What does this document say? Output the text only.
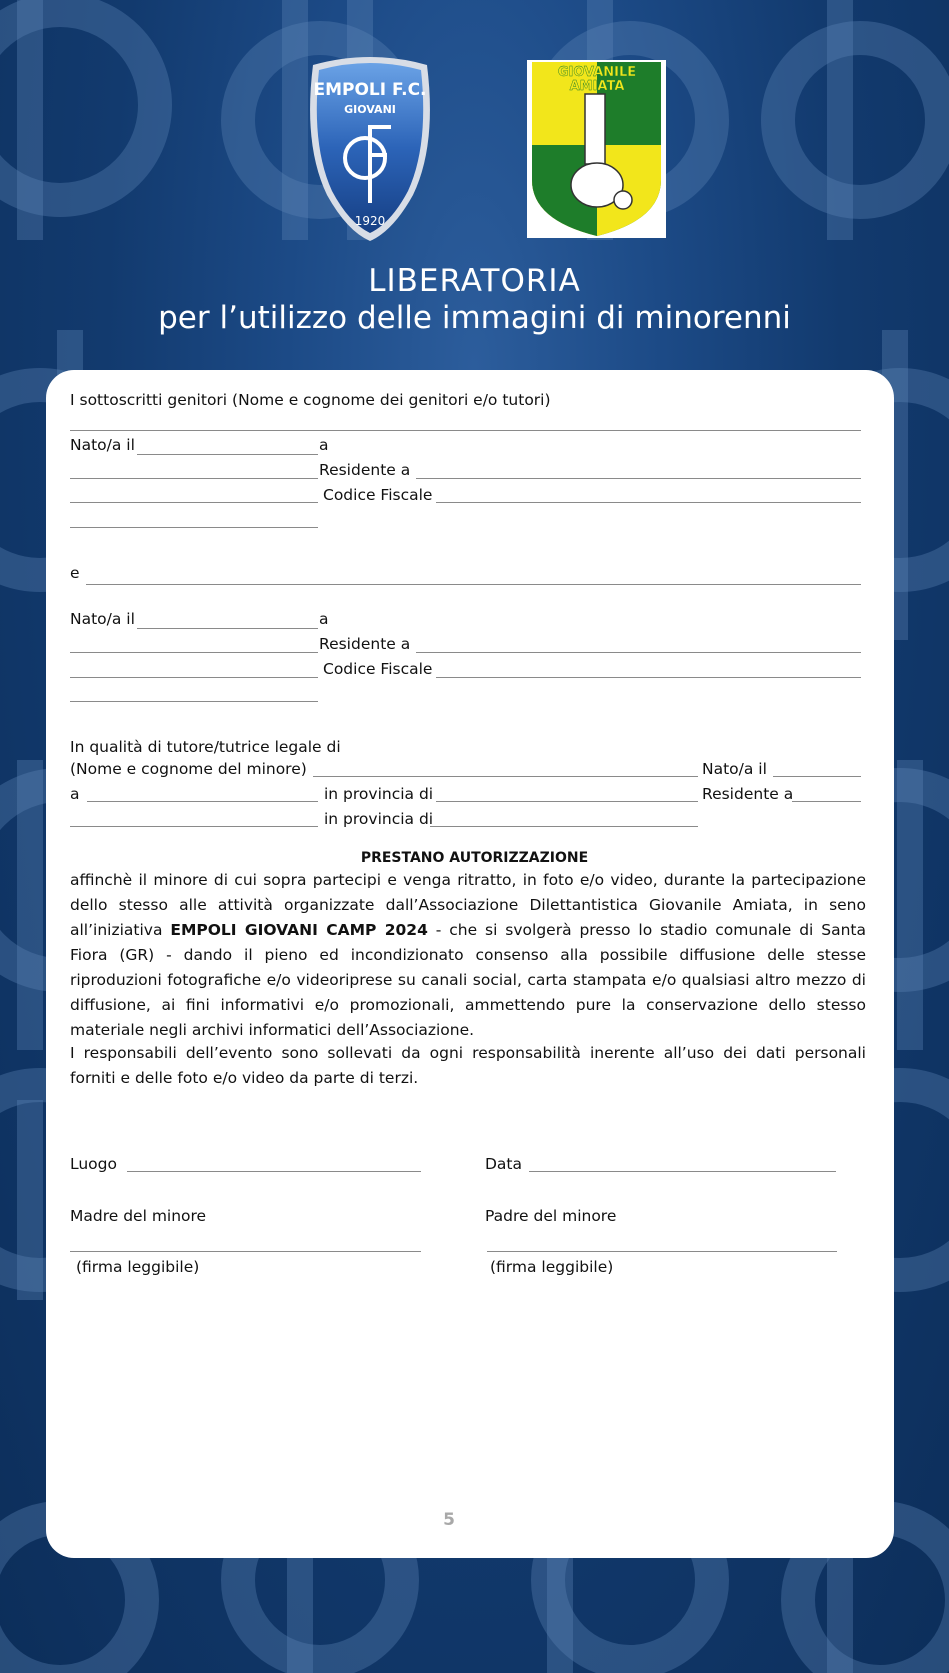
EMPOLI F.C.
GIOVANI
1920
GIOVANILE
AMIATA
LIBERATORIA
per l’utilizzo delle immagini di minorenni
I sottoscritti genitori (Nome e cognome dei genitori e/o tutori)
Nato/a il	a
Residente a
Codice Fiscale
e
Nato/a il	a
Residente a
Codice Fiscale
In qualità di tutore/tutrice legale di
(Nome e cognome del minore)	Nato/a il
a	in provincia di	Residente a
in provincia di
PRESTANO AUTORIZZAZIONE
affinchè il minore di cui sopra partecipi e venga ritratto, in foto e/o video, durante la partecipazione dello stesso alle attività organizzate dall’Associazione Dilettantistica Giovanile Amiata, in seno all’iniziativa EMPOLI GIOVANI CAMP 2024 - che si svolgerà presso lo stadio comunale di Santa Fiora (GR) - dando il pieno ed incondizionato consenso alla possibile diffusione delle stesse riproduzioni fotografiche e/o videoriprese su canali social, carta stampata e/o qualsiasi altro mezzo di diffusione, ai fini informativi e/o promozionali, ammettendo pure la conservazione dello stesso materiale negli archivi informatici dell’Associazione.
I responsabili dell’evento sono sollevati da ogni responsabilità inerente all’uso dei dati personali forniti e delle foto e/o video da parte di terzi.
Luogo	Data
Madre del minore	Padre del minore
(firma leggibile)	(firma leggibile)
5
